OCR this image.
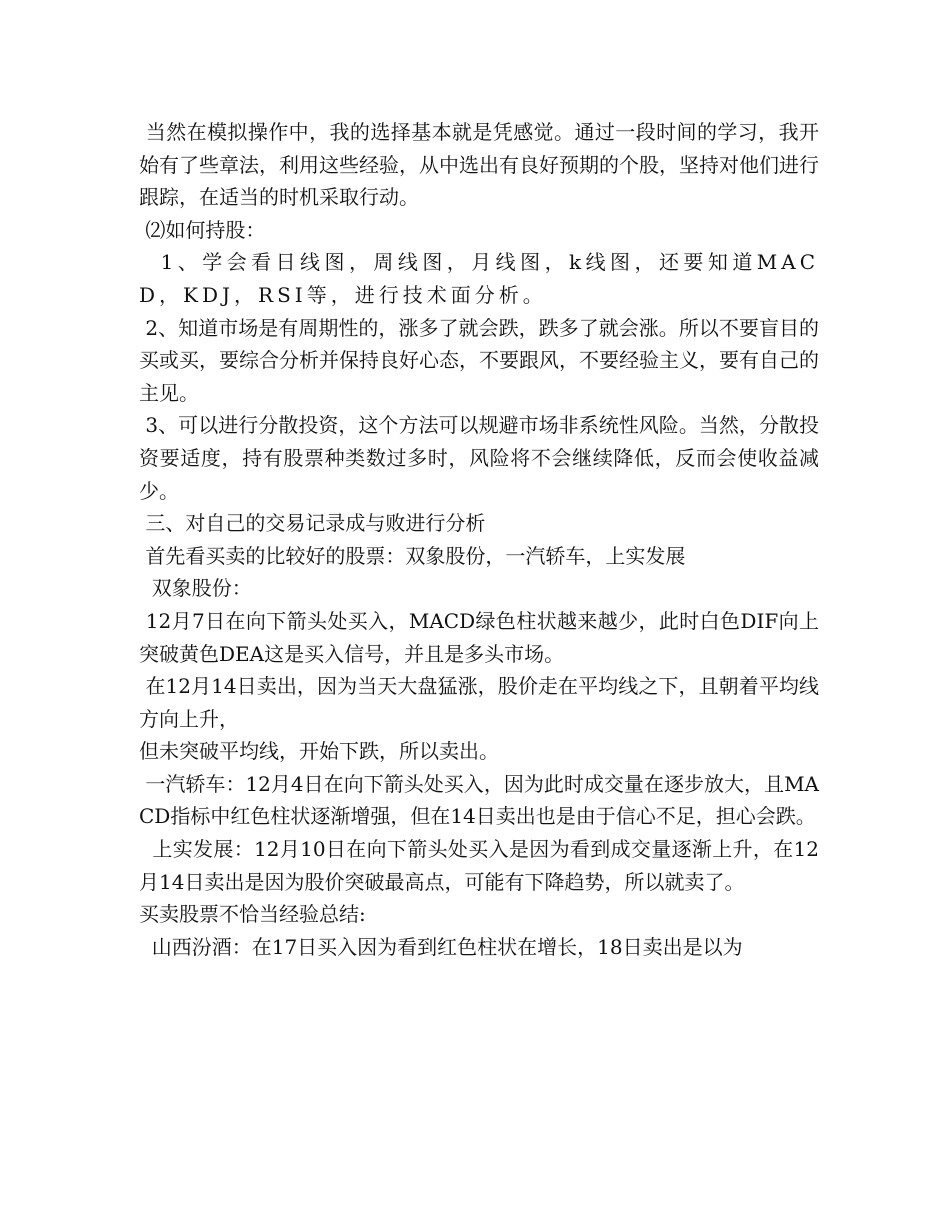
当然在模拟操作中，我的选择基本就是凭感觉。通过一段时间的学习，我开始有了些章法，利用这些经验，从中选出有良好预期的个股，坚持对他们进行跟踪，在适当的时机采取行动。

⑵如何持股：

1、学会看日线图，周线图，月线图，k线图，还要知道MACD，KDJ，RSI等，进行技术面分析。

2、知道市场是有周期性的，涨多了就会跌，跌多了就会涨。所以不要盲目的买或买，要综合分析并保持良好心态，不要跟风，不要经验主义，要有自己的主见。

3、可以进行分散投资，这个方法可以规避市场非系统性风险。当然，分散投资要适度，持有股票种类数过多时，风险将不会继续降低，反而会使收益减少。

三、对自己的交易记录成与败进行分析

首先看买卖的比较好的股票：双象股份，一汽轿车，上实发展

双象股份：

12月7日在向下箭头处买入，MACD绿色柱状越来越少，此时白色DIF向上突破黄色DEA这是买入信号，并且是多头市场。

在12月14日卖出，因为当天大盘猛涨，股价走在平均线之下，且朝着平均线方向上升，

但未突破平均线，开始下跌，所以卖出。

一汽轿车：12月4日在向下箭头处买入，因为此时成交量在逐步放大，且MACD指标中红色柱状逐渐增强，但在14日卖出也是由于信心不足，担心会跌。

上实发展：12月10日在向下箭头处买入是因为看到成交量逐渐上升，在12月14日卖出是因为股价突破最高点，可能有下降趋势，所以就卖了。

买卖股票不恰当经验总结:

山西汾酒：在17日买入因为看到红色柱状在增长，18日卖出是以为
